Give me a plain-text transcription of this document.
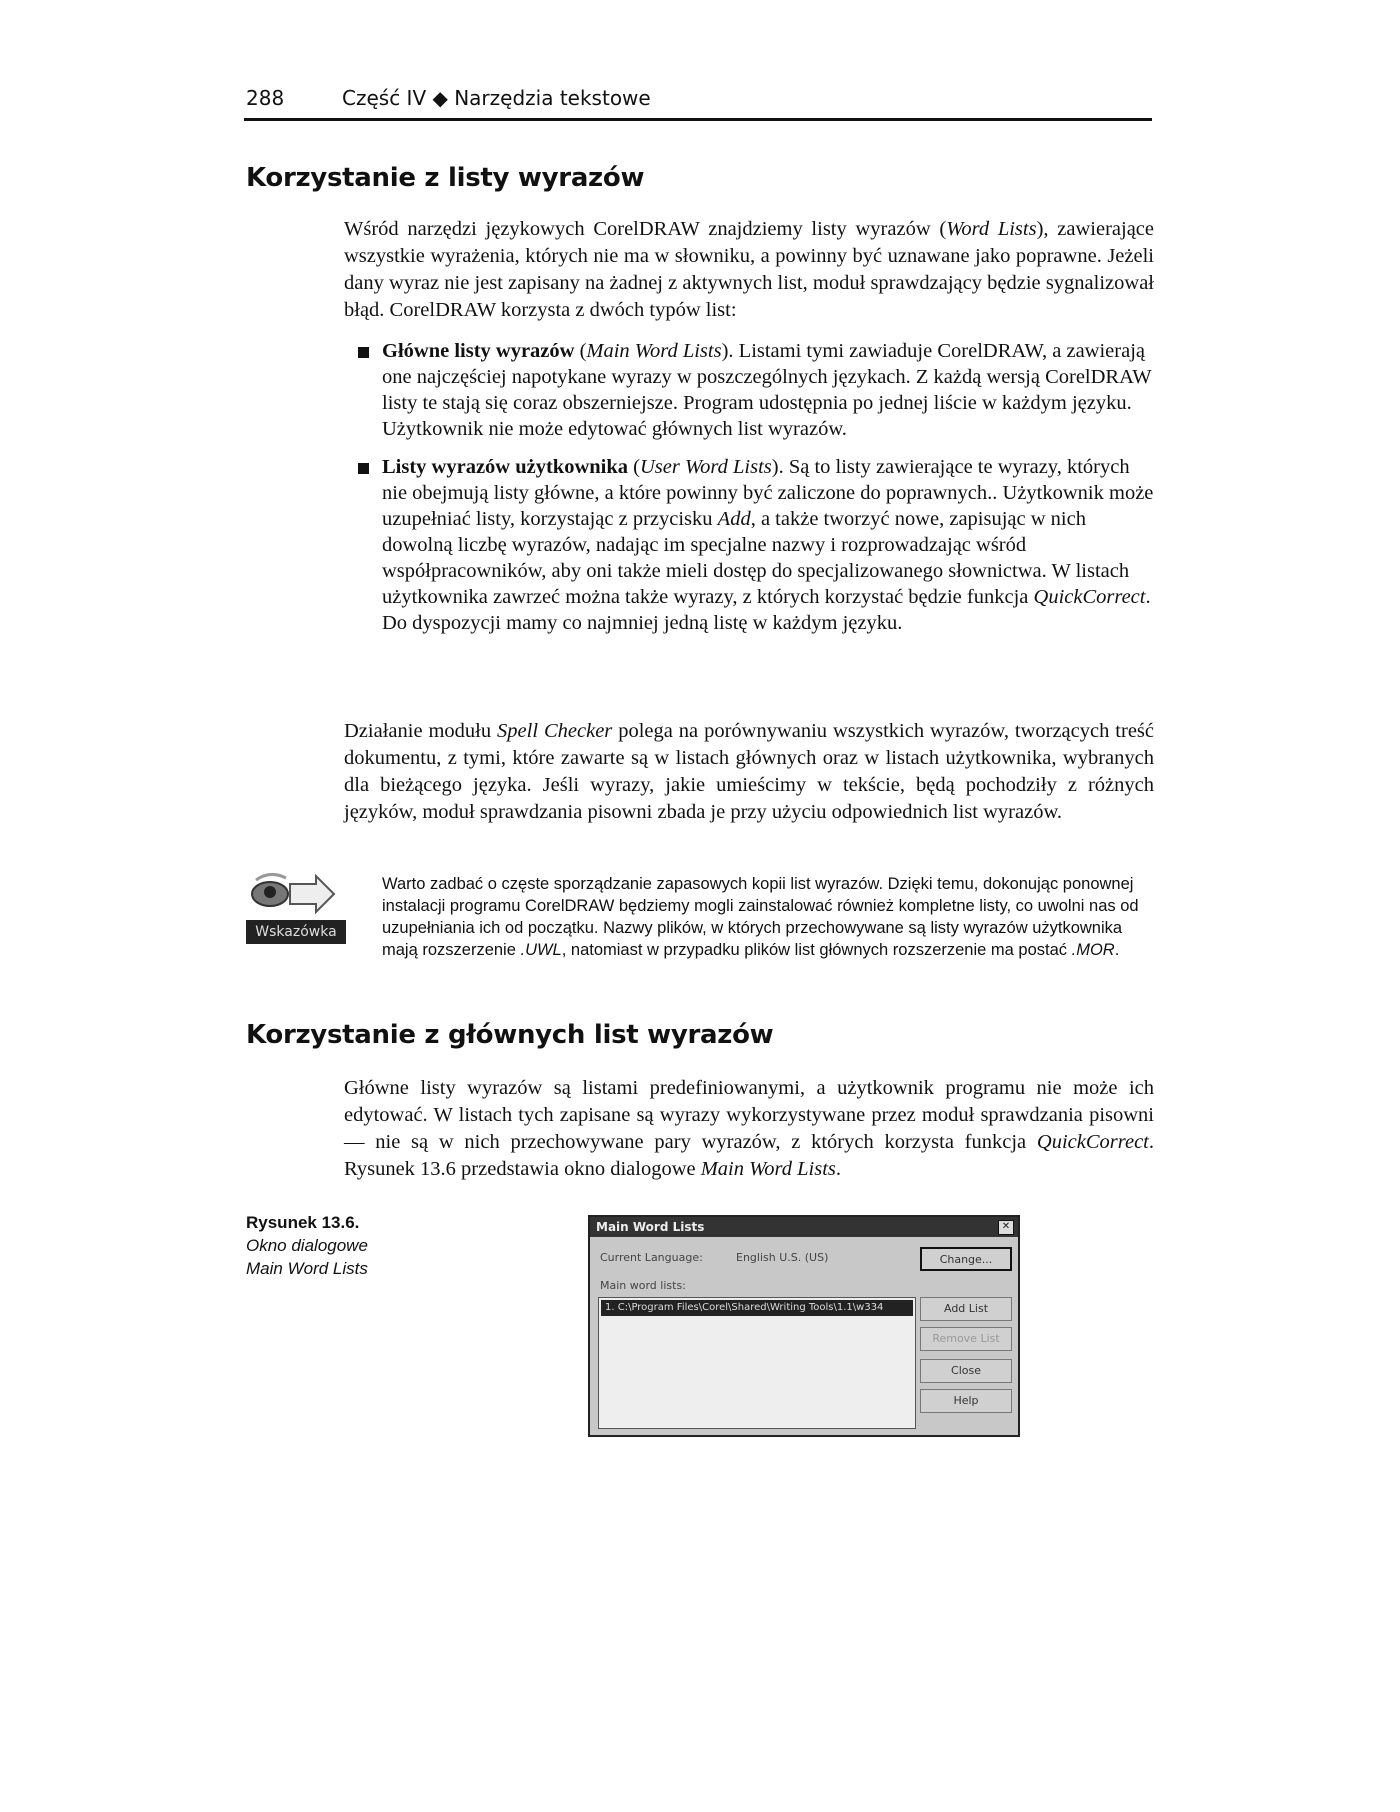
288	Część IV ◆ Narzędzia tekstowe
Korzystanie z listy wyrazów

Wśród narzędzi językowych CorelDRAW znajdziemy listy wyrazów (Word Lists), zawierające wszystkie wyrażenia, których nie ma w słowniku, a powinny być uznawane jako poprawne. Jeżeli dany wyraz nie jest zapisany na żadnej z aktywnych list, moduł sprawdzający będzie sygnalizował błąd. CorelDRAW korzysta z dwóch typów list:

Główne listy wyrazów (Main Word Lists). Listami tymi zawiaduje CorelDRAW, a zawierają one najczęściej napotykane wyrazy w poszczególnych językach. Z każdą wersją CorelDRAW listy te stają się coraz obszerniejsze. Program udostępnia po jednej liście w każdym języku. Użytkownik nie może edytować głównych list wyrazów.
Listy wyrazów użytkownika (User Word Lists). Są to listy zawierające te wyrazy, których nie obejmują listy główne, a które powinny być zaliczone do poprawnych.. Użytkownik może uzupełniać listy, korzystając z przycisku Add, a także tworzyć nowe, zapisując w nich dowolną liczbę wyrazów, nadając im specjalne nazwy i rozprowadzając wśród współpracowników, aby oni także mieli dostęp do specjalizowanego słownictwa. W listach użytkownika zawrzeć można także wyrazy, z których korzystać będzie funkcja QuickCorrect. Do dyspozycji mamy co najmniej jedną listę w każdym języku.

Działanie modułu Spell Checker polega na porównywaniu wszystkich wyrazów, tworzących treść dokumentu, z tymi, które zawarte są w listach głównych oraz w listach użytkownika, wybranych dla bieżącego języka. Jeśli wyrazy, jakie umieścimy w tekście, będą pochodziły z różnych języków, moduł sprawdzania pisowni zbada je przy użyciu odpowiednich list wyrazów.

Wskazówka

Warto zadbać o częste sporządzanie zapasowych kopii list wyrazów. Dzięki temu, dokonując ponownej instalacji programu CorelDRAW będziemy mogli zainstalować również kompletne listy, co uwolni nas od uzupełniania ich od początku. Nazwy plików, w których przechowywane są listy wyrazów użytkownika mają rozszerzenie .UWL, natomiast w przypadku plików list głównych rozszerzenie ma postać .MOR.

Korzystanie z głównych list wyrazów

Główne listy wyrazów są listami predefiniowanymi, a użytkownik programu nie może ich edytować. W listach tych zapisane są wyrazy wykorzystywane przez moduł sprawdzania pisowni — nie są w nich przechowywane pary wyrazów, z których korzysta funkcja QuickCorrect. Rysunek 13.6 przedstawia okno dialogowe Main Word Lists.

Rysunek 13.6.
Okno dialogowe
Main Word Lists
Main Word Lists	✕
Current Language:	English U.S. (US)
Main word lists:
1. C:\Program Files\Corel\Shared\Writing Tools\1.1\w334
Change...
Add List
Remove List
Close
Help
